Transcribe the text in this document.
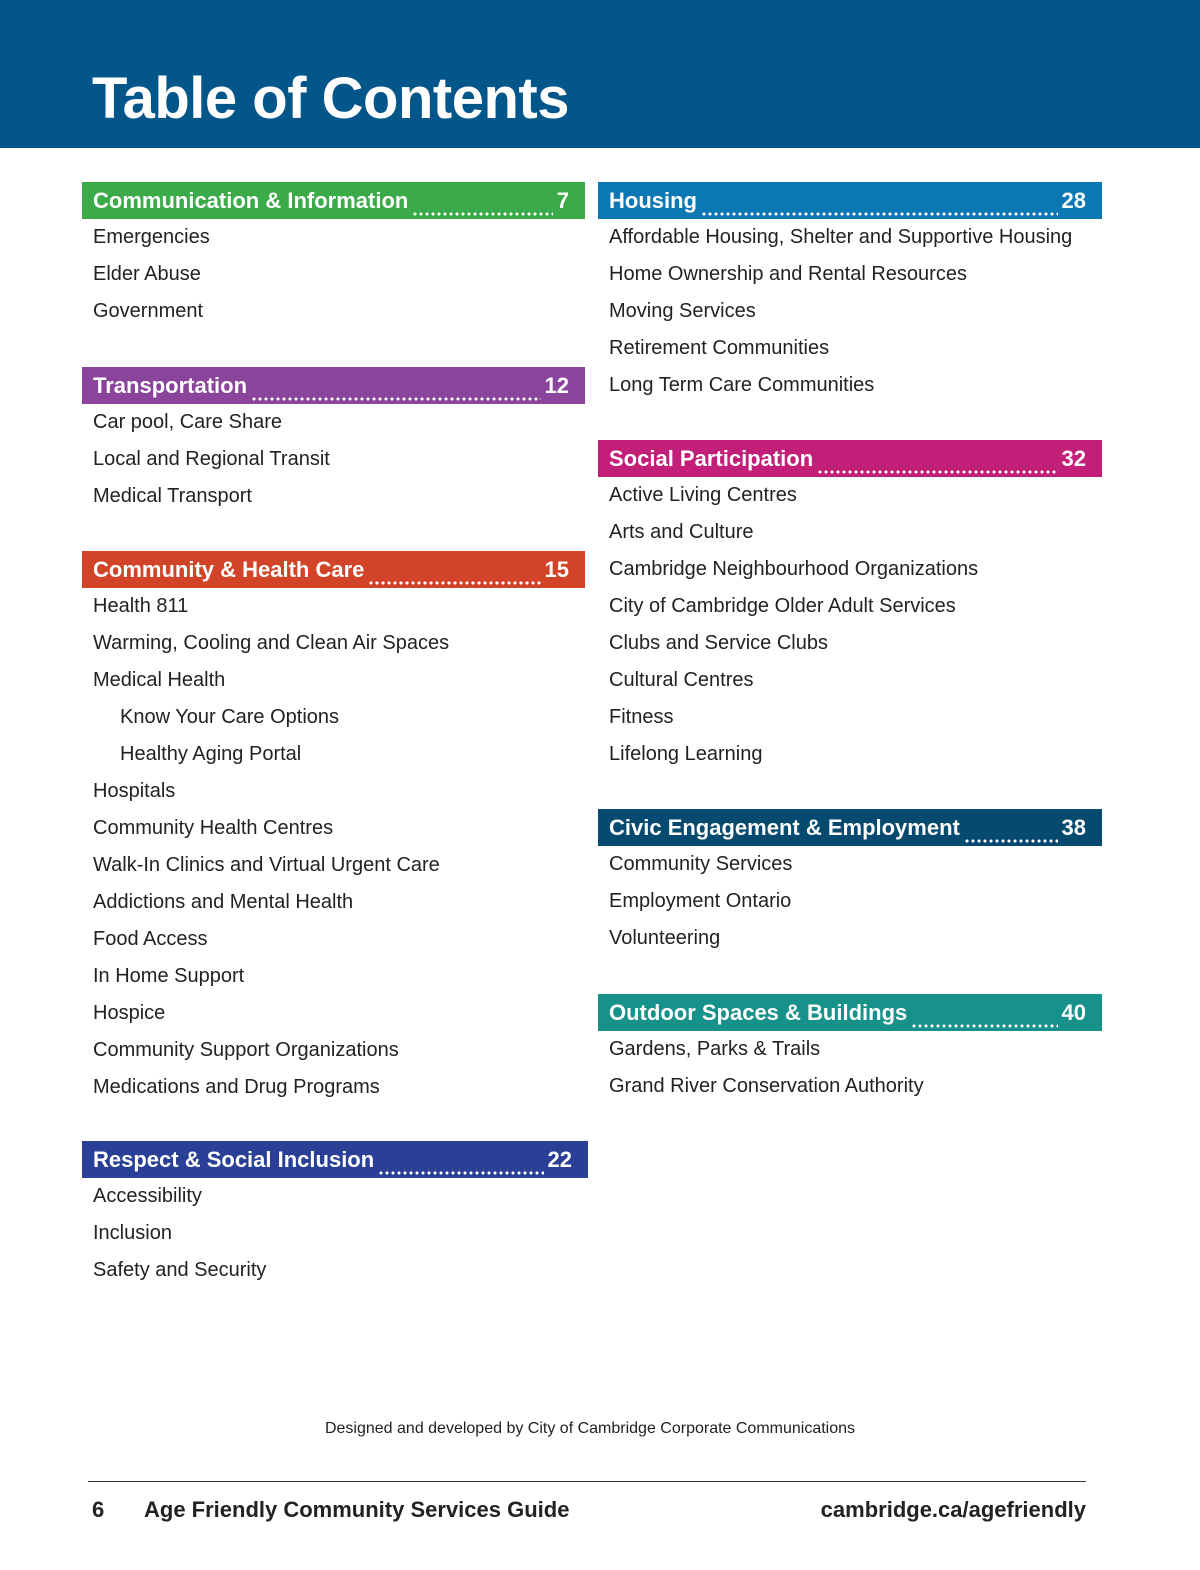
Table of Contents
Communication & Information	7
Emergencies
Elder Abuse
Government
Transportation	12
Car pool, Care Share
Local and Regional Transit
Medical Transport
Community & Health Care	15
Health 811
Warming, Cooling and Clean Air Spaces
Medical Health
Know Your Care Options
Healthy Aging Portal
Hospitals
Community Health Centres
Walk-In Clinics and Virtual Urgent Care
Addictions and Mental Health
Food Access
In Home Support
Hospice
Community Support Organizations
Medications and Drug Programs
Respect & Social Inclusion	22
Accessibility
Inclusion
Safety and Security
Housing	28
Affordable Housing, Shelter and Supportive Housing
Home Ownership and Rental Resources
Moving Services
Retirement Communities
Long Term Care Communities
Social Participation	32
Active Living Centres
Arts and Culture
Cambridge Neighbourhood Organizations
City of Cambridge Older Adult Services
Clubs and Service Clubs
Cultural Centres
Fitness
Lifelong Learning
Civic Engagement & Employment	38
Community Services
Employment Ontario
Volunteering
Outdoor Spaces & Buildings	40
Gardens, Parks & Trails
Grand River Conservation Authority
Designed and developed by City of Cambridge Corporate Communications
6 Age Friendly Community Services Guide	cambridge.ca/agefriendly
